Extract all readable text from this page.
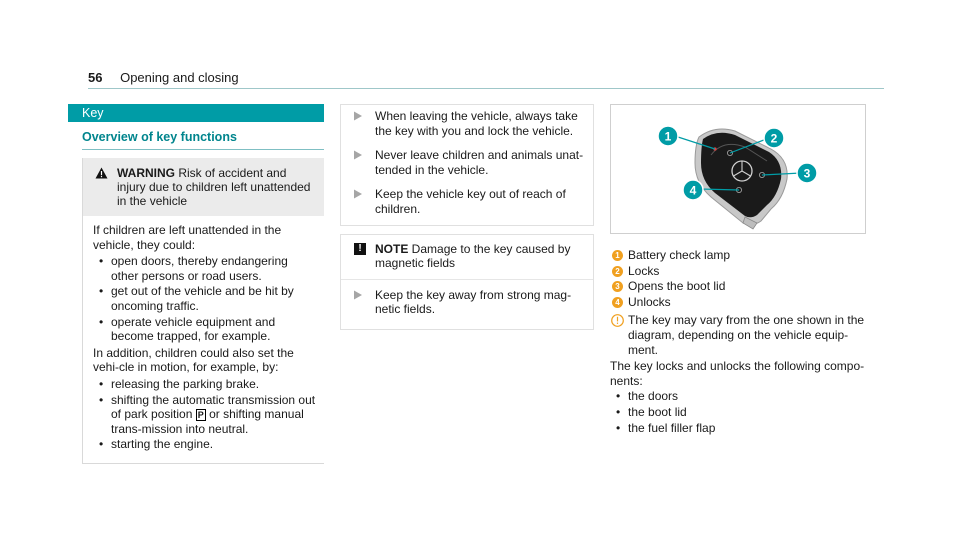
56 Opening and closing
Key
Overview of key functions
WARNING Risk of accident and injury due to children left unattended in the vehicle
If children are left unattended in the vehicle, they could:
• open doors, thereby endangering other persons or road users.
• get out of the vehicle and be hit by oncoming traffic.
• operate vehicle equipment and become trapped, for example.
In addition, children could also set the vehi-cle in motion, for example, by:
• releasing the parking brake.
• shifting the automatic transmission out of park position P or shifting manual trans-mission into neutral.
• starting the engine.
When leaving the vehicle, always take the key with you and lock the vehicle.
Never leave children and animals unat-tended in the vehicle.
Keep the vehicle key out of reach of children.
!	NOTE Damage to the key caused by magnetic fields
Keep the key away from strong mag-netic fields.
1	2
3
4
1 Battery check lamp
2 Locks
3 Opens the boot lid
4 Unlocks
The key may vary from the one shown in the diagram, depending on the vehicle equip-ment.
The key locks and unlocks the following compo-nents:
• the doors
• the boot lid
• the fuel filler flap
